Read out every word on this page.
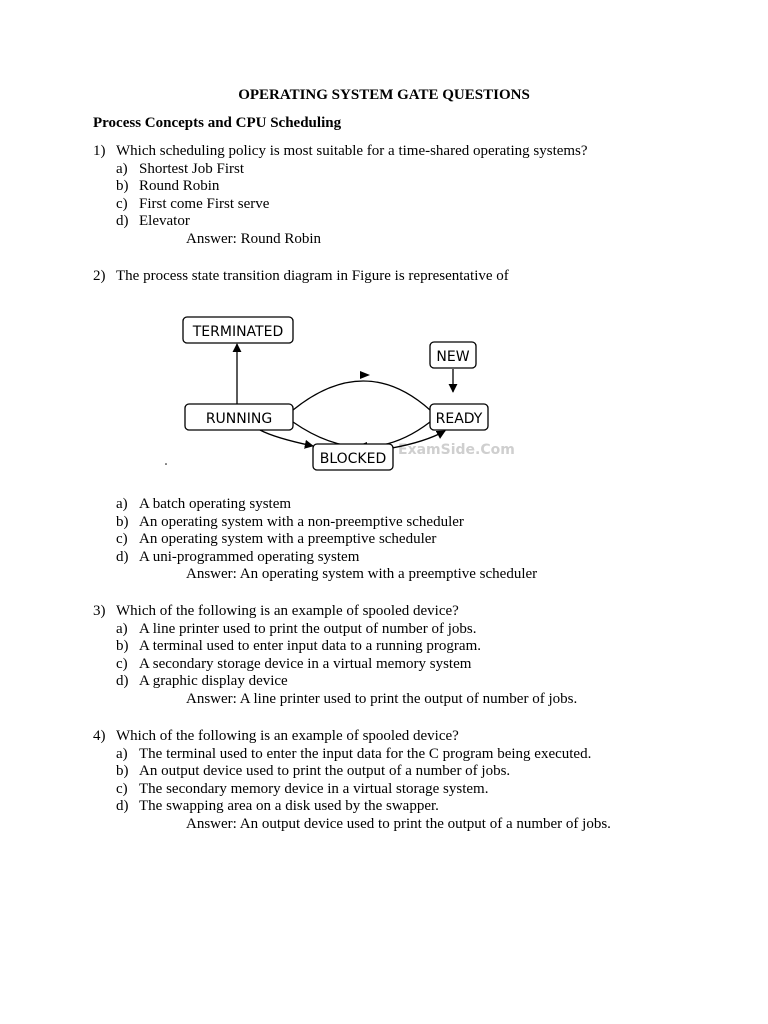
OPERATING SYSTEM GATE QUESTIONS
Process Concepts and CPU Scheduling
1) Which scheduling policy is most suitable for a time-shared operating systems?
a) Shortest Job First
b) Round Robin
c) First come First serve
d) Elevator
Answer: Round Robin
2) The process state transition diagram in Figure is representative of
ExamSide.Com
TERMINATED
NEW
RUNNING	READY
BLOCKED
a) A batch operating system
b) An operating system with a non-preemptive scheduler
c) An operating system with a preemptive scheduler
d) A uni-programmed operating system
Answer: An operating system with a preemptive scheduler
3) Which of the following is an example of spooled device?
a) A line printer used to print the output of number of jobs.
b) A terminal used to enter input data to a running program.
c) A secondary storage device in a virtual memory system
d) A graphic display device
Answer: A line printer used to print the output of number of jobs.
4) Which of the following is an example of spooled device?
a) The terminal used to enter the input data for the C program being executed.
b) An output device used to print the output of a number of jobs.
c) The secondary memory device in a virtual storage system.
d) The swapping area on a disk used by the swapper.
Answer: An output device used to print the output of a number of jobs.
